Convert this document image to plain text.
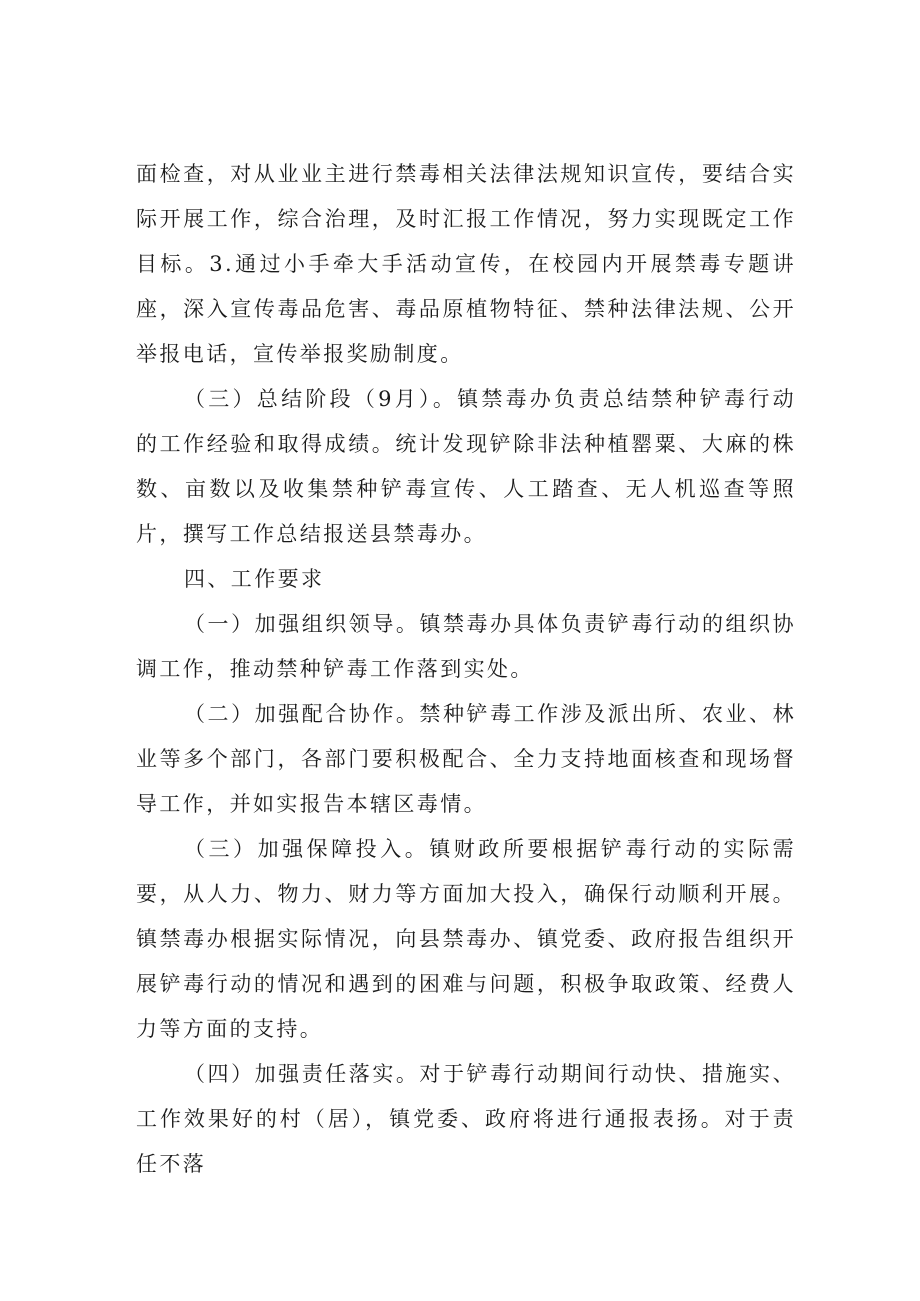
面检查，对从业业主进行禁毒相关法律法规知识宣传，要结合实际开展工作，综合治理，及时汇报工作情况，努力实现既定工作目标。3.通过小手牵大手活动宣传，在校园内开展禁毒专题讲座，深入宣传毒品危害、毒品原植物特征、禁种法律法规、公开举报电话，宣传举报奖励制度。

（三）总结阶段（9月）。镇禁毒办负责总结禁种铲毒行动的工作经验和取得成绩。统计发现铲除非法种植罂粟、大麻的株数、亩数以及收集禁种铲毒宣传、人工踏查、无人机巡查等照片，撰写工作总结报送县禁毒办。

四、工作要求

（一）加强组织领导。镇禁毒办具体负责铲毒行动的组织协调工作，推动禁种铲毒工作落到实处。

（二）加强配合协作。禁种铲毒工作涉及派出所、农业、林业等多个部门，各部门要积极配合、全力支持地面核查和现场督导工作，并如实报告本辖区毒情。

（三）加强保障投入。镇财政所要根据铲毒行动的实际需要，从人力、物力、财力等方面加大投入，确保行动顺利开展。镇禁毒办根据实际情况，向县禁毒办、镇党委、政府报告组织开展铲毒行动的情况和遇到的困难与问题，积极争取政策、经费人力等方面的支持。

（四）加强责任落实。对于铲毒行动期间行动快、措施实、工作效果好的村（居），镇党委、政府将进行通报表扬。对于责任不落
